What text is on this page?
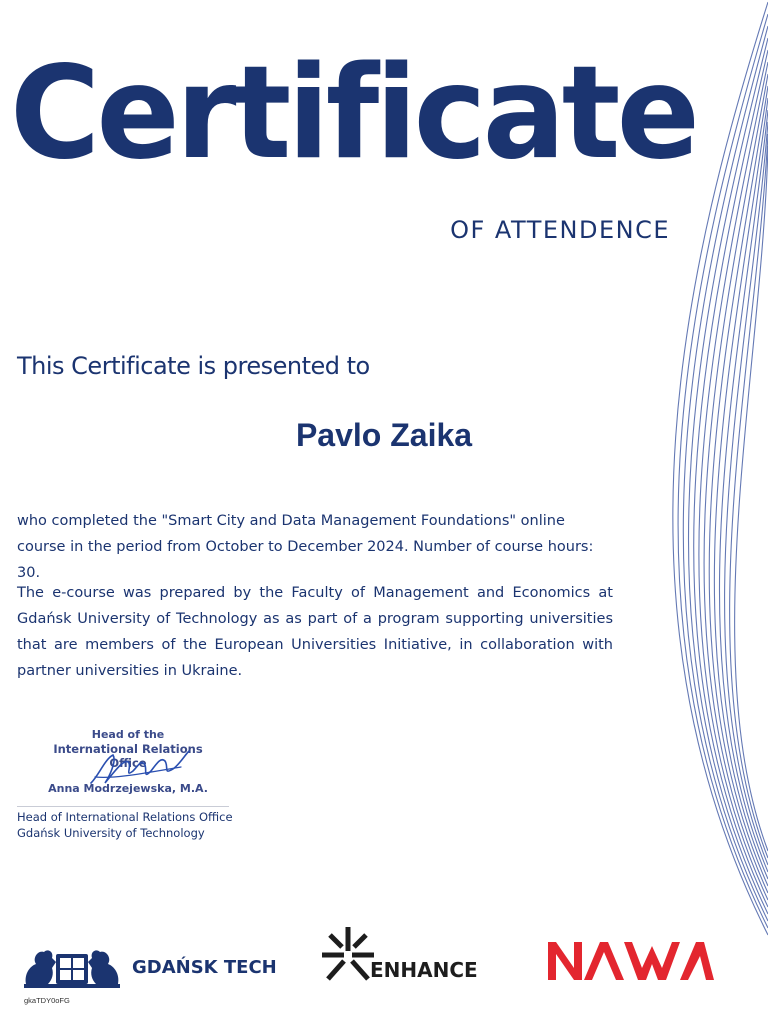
Certificate
OF ATTENDENCE
This Certificate is presented to
Pavlo Zaika
who completed the "Smart City and Data Management Foundations" online course in the period from October to December 2024. Number of course hours: 30.
The e-course was prepared by the Faculty of Management and Economics at Gdańsk University of Technology as as part of a program supporting universities that are members of the European Universities Initiative, in collaboration with partner universities in Ukraine.
Head of the
International Relations Office
Anna Modrzejewska, M.A.
Head of International Relations Office
Gdańsk University of Technology
GDAŃSK TECH	ENHANCE
gkaTDY0oFG
